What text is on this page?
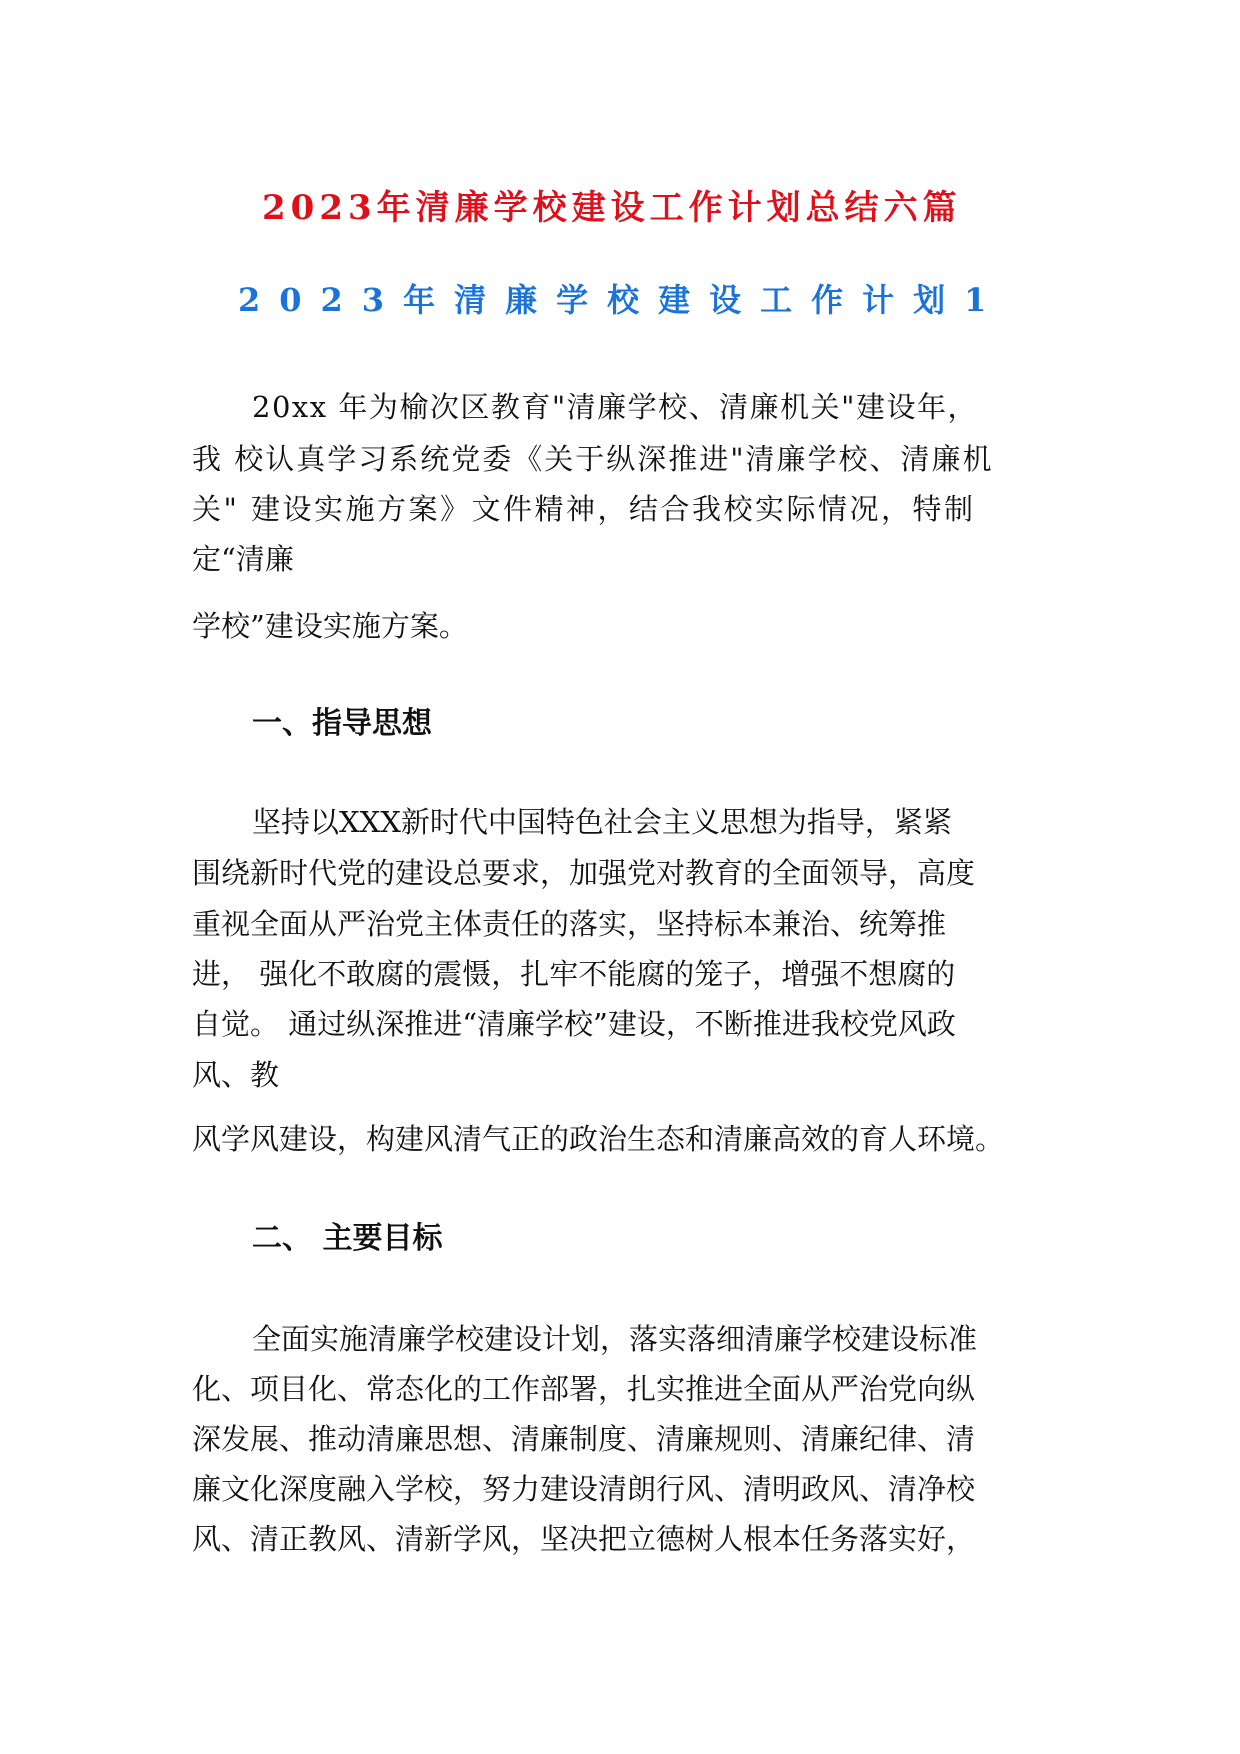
2023年清廉学校建设工作计划总结六篇
2023年清廉学校建设工作计划1

20xx 年为榆次区教育"清廉学校、清廉机关"建设年，

我 校认真学习系统党委《关于纵深推进"清廉学校、清廉机

关" 建设实施方案》文件精神，结合我校实际情况，特制

定“清廉

学校”建设实施方案。

一、指导思想

坚持以XXX新时代中国特色社会主义思想为指导，紧紧

围绕新时代党的建设总要求，加强党对教育的全面领导，高度

重视全面从严治党主体责任的落实，坚持标本兼治、统筹推

进， 强化不敢腐的震慑，扎牢不能腐的笼子，增强不想腐的

自觉。 通过纵深推进“清廉学校”建设，不断推进我校党风政

风、教

风学风建设，构建风清气正的政治生态和清廉高效的育人环境。

二、 主要目标

全面实施清廉学校建设计划，落实落细清廉学校建设标准

化、项目化、常态化的工作部署，扎实推进全面从严治党向纵

深发展、推动清廉思想、清廉制度、清廉规则、清廉纪律、清

廉文化深度融入学校，努力建设清朗行风、清明政风、清净校

风、清正教风、清新学风，坚决把立德树人根本任务落实好，
